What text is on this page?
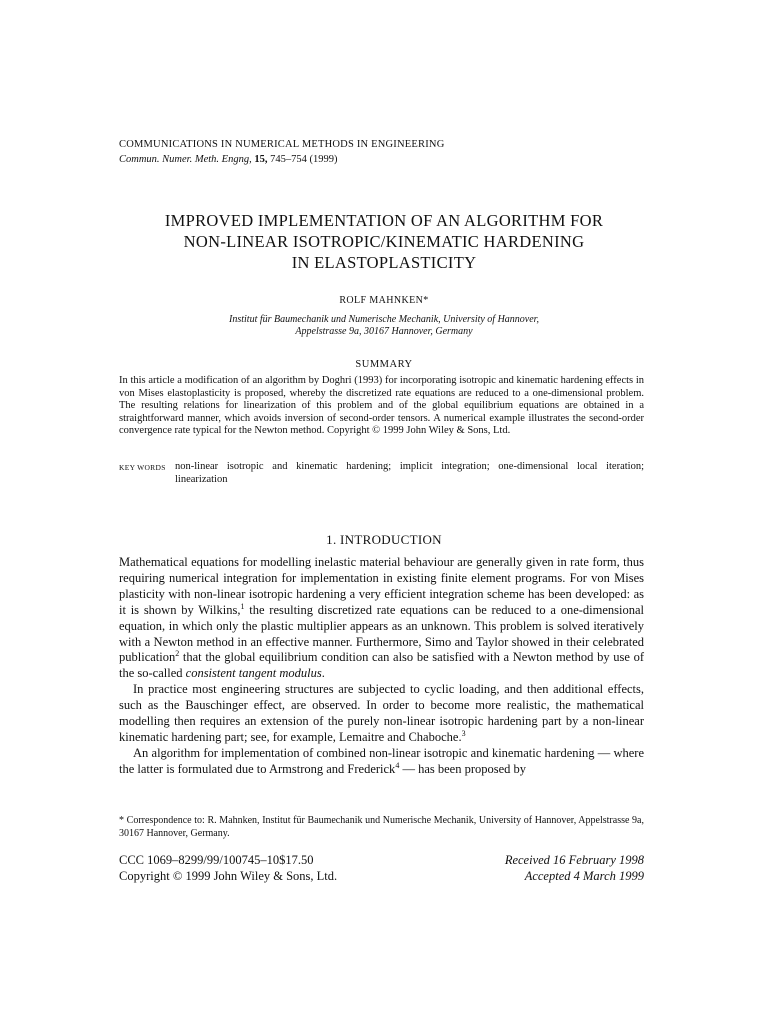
COMMUNICATIONS IN NUMERICAL METHODS IN ENGINEERING
Commun. Numer. Meth. Engng, 15, 745–754 (1999)
IMPROVED IMPLEMENTATION OF AN ALGORITHM FOR
NON-LINEAR ISOTROPIC/KINEMATIC HARDENING
IN ELASTOPLASTICITY
ROLF MAHNKEN*
Institut für Baumechanik und Numerische Mechanik, University of Hannover,
Appelstrasse 9a, 30167 Hannover, Germany
SUMMARY
In this article a modification of an algorithm by Doghri (1993) for incorporating isotropic and kinematic hardening effects in von Mises elastoplasticity is proposed, whereby the discretized rate equations are reduced to a one-dimensional problem. The resulting relations for linearization of this problem and of the global equilibrium equations are obtained in a straightforward manner, which avoids inversion of second-order tensors. A numerical example illustrates the second-order convergence rate typical for the Newton method. Copyright © 1999 John Wiley & Sons, Ltd.
KEY WORDS non-linear isotropic and kinematic hardening; implicit integration; one-dimensional local iteration; linearization
1. INTRODUCTION

Mathematical equations for modelling inelastic material behaviour are generally given in rate form, thus requiring numerical integration for implementation in existing finite element programs. For von Mises plasticity with non-linear isotropic hardening a very efficient integration scheme has been developed: as it is shown by Wilkins,$^1$ the resulting discretized rate equations can be reduced to a one-dimensional equation, in which only the plastic multiplier appears as an unknown. This problem is solved iteratively with a Newton method in an effective manner. Furthermore, Simo and Taylor showed in their celebrated publication$^2$ that the global equilibrium condition can also be satisfied with a Newton method by use of the so-called consistent tangent modulus.

In practice most engineering structures are subjected to cyclic loading, and then additional effects, such as the Bauschinger effect, are observed. In order to become more realistic, the mathematical modelling then requires an extension of the purely non-linear isotropic hardening part by a non-linear kinematic hardening part; see, for example, Lemaitre and Chaboche.$^3$

An algorithm for implementation of combined non-linear isotropic and kinematic hardening — where the latter is formulated due to Armstrong and Frederick$^4$ — has been proposed by

* Correspondence to: R. Mahnken, Institut für Baumechanik und Numerische Mechanik, University of Hannover, Appelstrasse 9a, 30167 Hannover, Germany.
CCC 1069–8299/99/100745–10$17.50
Copyright © 1999 John Wiley & Sons, Ltd.
Received 16 February 1998
Accepted 4 March 1999
